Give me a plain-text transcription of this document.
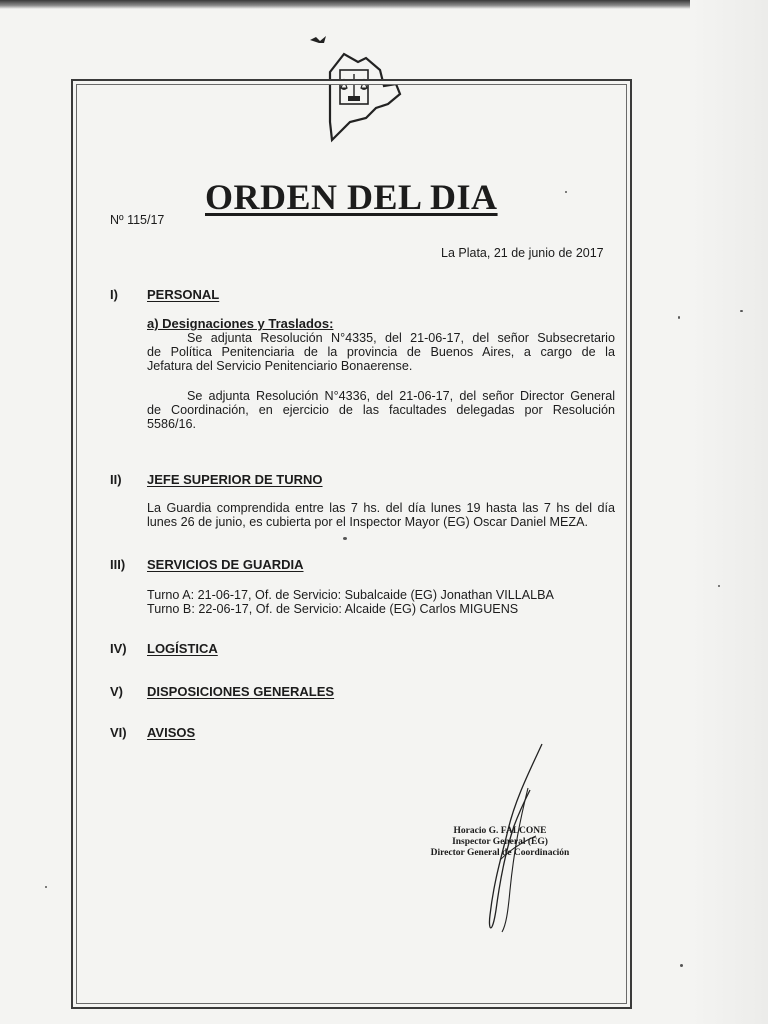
ORDEN DEL DIA
Nº 115/17
La Plata, 21 de junio de 2017
I) PERSONAL
a) Designaciones y Traslados:
Se adjunta Resolución N°4335, del 21-06-17, del señor Subsecretario
de Política Penitenciaria de la provincia de Buenos Aires, a cargo de la
Jefatura del Servicio Penitenciario Bonaerense.
Se adjunta Resolución N°4336, del 21-06-17, del señor Director General
de Coordinación, en ejercicio de las facultades delegadas por Resolución
5586/16.
II) JEFE SUPERIOR DE TURNO
La Guardia comprendida entre las 7 hs. del día lunes 19 hasta las 7 hs del día
lunes 26 de junio, es cubierta por el Inspector Mayor (EG) Oscar Daniel MEZA.
III) SERVICIOS DE GUARDIA
Turno A: 21-06-17, Of. de Servicio: Subalcaide (EG) Jonathan VILLALBA
Turno B: 22-06-17, Of. de Servicio: Alcaide (EG) Carlos MIGUENS
IV) LOGÍSTICA
V) DISPOSICIONES GENERALES
VI) AVISOS
Horacio G. FALCONE
Inspector General (EG)
Director General de Coordinación
